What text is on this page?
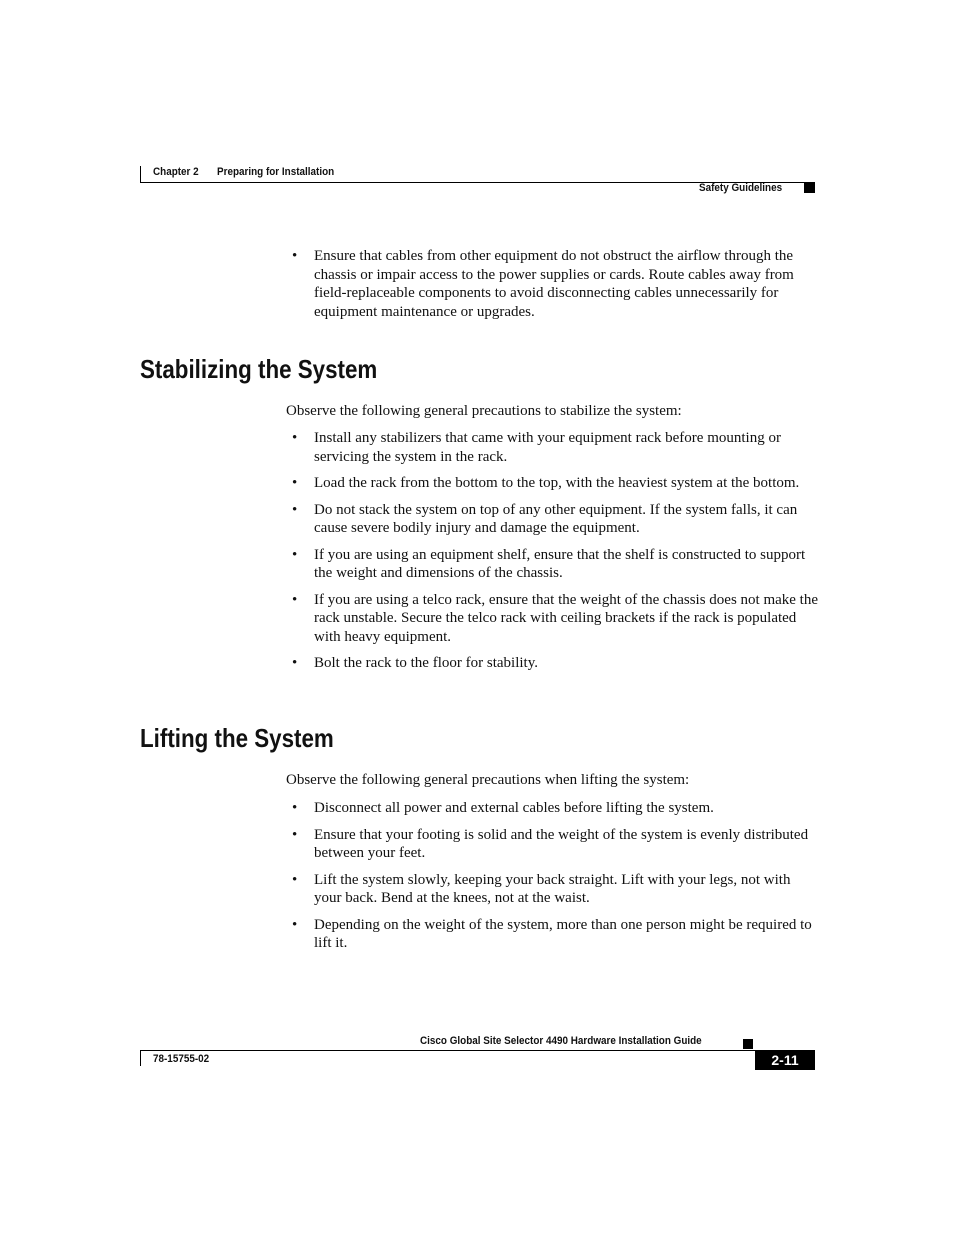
Chapter 2 Preparing for Installation
Safety Guidelines
• Ensure that cables from other equipment do not obstruct the airflow through the chassis or impair access to the power supplies or cards. Route cables away from field-replaceable components to avoid disconnecting cables unnecessarily for equipment maintenance or upgrades.
Stabilizing the System

Observe the following general precautions to stabilize the system:

• Install any stabilizers that came with your equipment rack before mounting or servicing the system in the rack.
• Load the rack from the bottom to the top, with the heaviest system at the bottom.
• Do not stack the system on top of any other equipment. If the system falls, it can cause severe bodily injury and damage the equipment.
• If you are using an equipment shelf, ensure that the shelf is constructed to support the weight and dimensions of the chassis.
• If you are using a telco rack, ensure that the weight of the chassis does not make the rack unstable. Secure the telco rack with ceiling brackets if the rack is populated with heavy equipment.
• Bolt the rack to the floor for stability.
Lifting the System

Observe the following general precautions when lifting the system:

• Disconnect all power and external cables before lifting the system.
• Ensure that your footing is solid and the weight of the system is evenly distributed between your feet.
• Lift the system slowly, keeping your back straight. Lift with your legs, not with your back. Bend at the knees, not at the waist.
• Depending on the weight of the system, more than one person might be required to lift it.
Cisco Global Site Selector 4490 Hardware Installation Guide
78-15755-02	2-11
